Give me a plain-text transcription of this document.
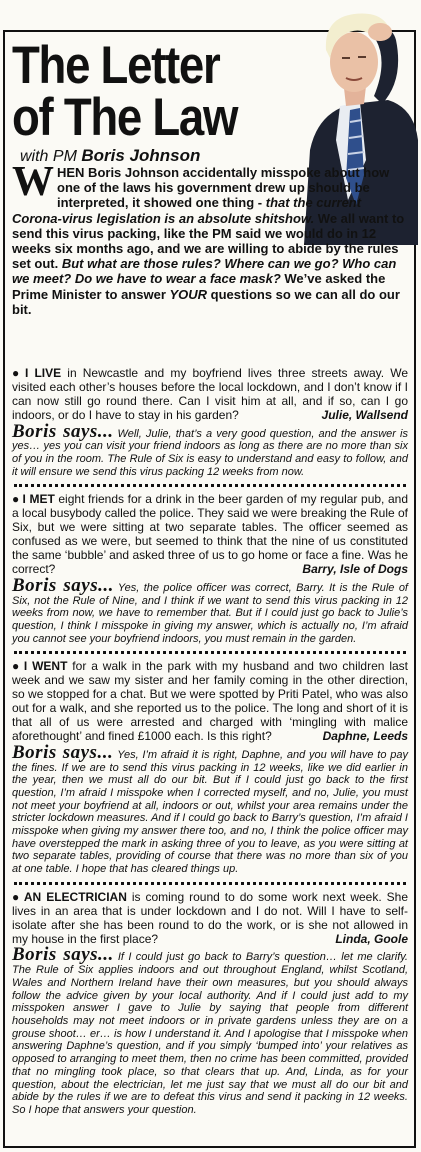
The Letter
of The Law
with PM Boris Johnson
W HEN Boris Johnson accidentally misspoke about how one of the laws his government drew up should be interpreted, it showed one thing - that the current Corona-virus legislation is an absolute shitshow. We all want to send this virus packing, like the PM said we would do in 12 weeks six months ago, and we are willing to abide by the rules set out. But what are those rules? Where can we go? Who can we meet? Do we have to wear a face mask? We’ve asked the Prime Minister to answer YOUR questions so we can all do our bit.

● I LIVE in Newcastle and my boyfriend lives three streets away. We visited each other’s houses before the local lockdown, and I don’t know if I can now still go round there. Can I visit him at all, and if so, can I go indoors, or do I have to stay in his garden?	Julie, Wallsend

Boris says... Well, Julie, that’s a very good question, and the answer is yes… yes you can visit your friend indoors as long as there are no more than six of you in the room. The Rule of Six is easy to understand and easy to follow, and it will ensure we send this virus packing 12 weeks from now.

● I MET eight friends for a drink in the beer garden of my regular pub, and a local busybody called the police. They said we were breaking the Rule of Six, but we were sitting at two separate tables. The officer seemed as confused as we were, but seemed to think that the nine of us constituted the same ‘bubble’ and asked three of us to go home or face a fine. Was he correct?	Barry, Isle of Dogs

Boris says... Yes, the police officer was correct, Barry. It is the Rule of Six, not the Rule of Nine, and I think if we want to send this virus packing in 12 weeks from now, we have to remember that. But if I could just go back to Julie’s question, I think I misspoke in giving my answer, which is actually no, I’m afraid you cannot see your boyfriend indoors, you must remain in the garden.

● I WENT for a walk in the park with my husband and two children last week and we saw my sister and her family coming in the other direction, so we stopped for a chat. But we were spotted by Priti Patel, who was also out for a walk, and she reported us to the police. The long and short of it is that all of us were arrested and charged with ‘mingling with malice aforethought’ and fined £1000 each. Is this right?	Daphne, Leeds

Boris says... Yes, I’m afraid it is right, Daphne, and you will have to pay the fines. If we are to send this virus packing in 12 weeks, like we did earlier in the year, then we must all do our bit. But if I could just go back to the first question, I’m afraid I misspoke when I corrected myself, and no, Julie, you must not meet your boyfriend at all, indoors or out, whilst your area remains under the stricter lockdown measures. And if I could go back to Barry’s question, I’m afraid I misspoke when giving my answer there too, and no, I think the police officer may have overstepped the mark in asking three of you to leave, as you were sitting at two separate tables, providing of course that there was no more than six of you at one table. I hope that has cleared things up.

● AN ELECTRICIAN is coming round to do some work next week. She lives in an area that is under lockdown and I do not. Will I have to self-isolate after she has been round to do the work, or is she not allowed in my house in the first place?	Linda, Goole

Boris says... If I could just go back to Barry’s question… let me clarify. The Rule of Six applies indoors and out throughout England, whilst Scotland, Wales and Northern Ireland have their own measures, but you should always follow the advice given by your local authority. And if I could just add to my misspoken answer I gave to Julie by saying that people from different households may not meet indoors or in private gardens unless they are on a grouse shoot… er… is how I understand it. And I apologise that I misspoke when answering Daphne’s question, and if you simply ‘bumped into’ your relatives as opposed to arranging to meet them, then no crime has been committed, provided that no mingling took place, so that clears that up. And, Linda, as for your question, about the electrician, let me just say that we must all do our bit and abide by the rules if we are to defeat this virus and send it packing in 12 weeks. So I hope that answers your question.
